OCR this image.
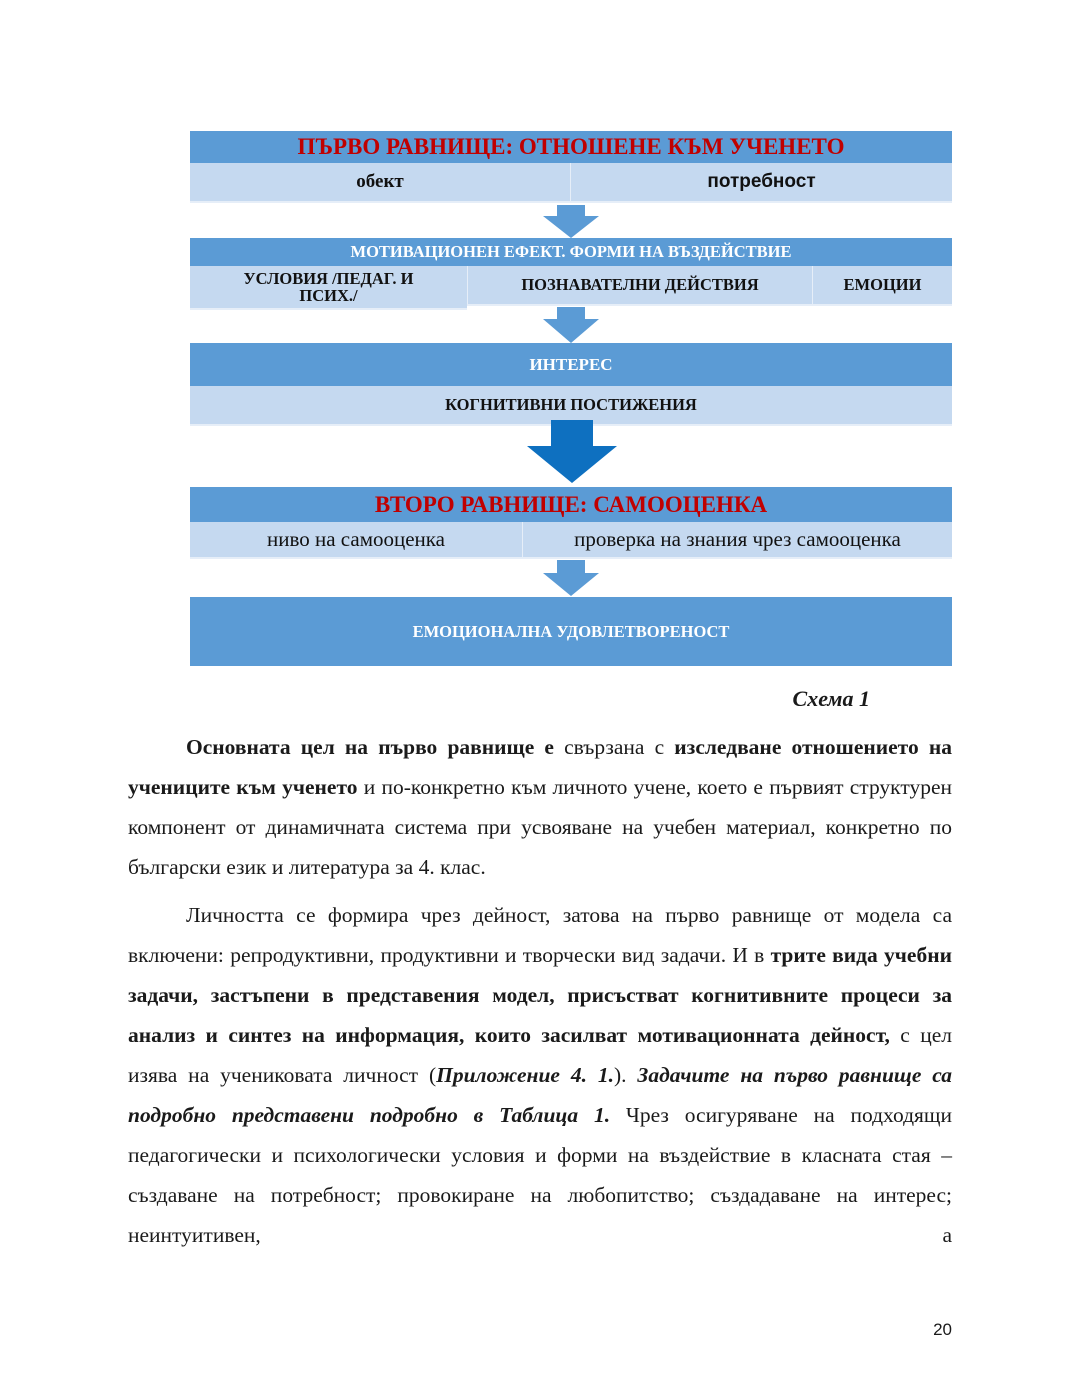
ПЪРВО РАВНИЩЕ: ОТНОШЕНЕ КЪМ УЧЕНЕТО
обект	потребност
МОТИВАЦИОНЕН ЕФЕКТ. ФОРМИ НА ВЪЗДЕЙСТВИЕ
УСЛОВИЯ /ПЕДАГ. И ПСИХ./
ПОЗНАВАТЕЛНИ ДЕЙСТВИЯ	ЕМОЦИИ
ИНТЕРЕС
КОГНИТИВНИ ПОСТИЖЕНИЯ
ВТОРО РАВНИЩЕ: САМООЦЕНКА
ниво на самооценка	проверка на знания чрез самооценка
ЕМОЦИОНАЛНА УДОВЛЕТВОРЕНОСТ
Схема 1

Основната цел на първо равнище е свързана с изследване отношението на учениците към ученето и по-конкретно към личното учене, което е първият структурен компонент от динамичната система при усвояване на учебен материал, конкретно по български език и литература за 4. клас.

Личността се формира чрез дейност, затова на първо равнище от модела са включени: репродуктивни, продуктивни и творчески вид задачи. И в трите вида учебни задачи, застъпени в представения модел, присъстват когнитивните процеси за анализ и синтез на информация, които засилват мотивационната дейност, с цел изява на учениковата личност (Приложение 4. 1.). Задачите на първо равнище са подробно представени подробно в Таблица 1. Чрез осигуряване на подходящи педагогически и психологически условия и форми на въздействие в класната стая – създаване на потребност; провокиране на любопитство; създадаване на интерес; неинтуитивен, а

20
